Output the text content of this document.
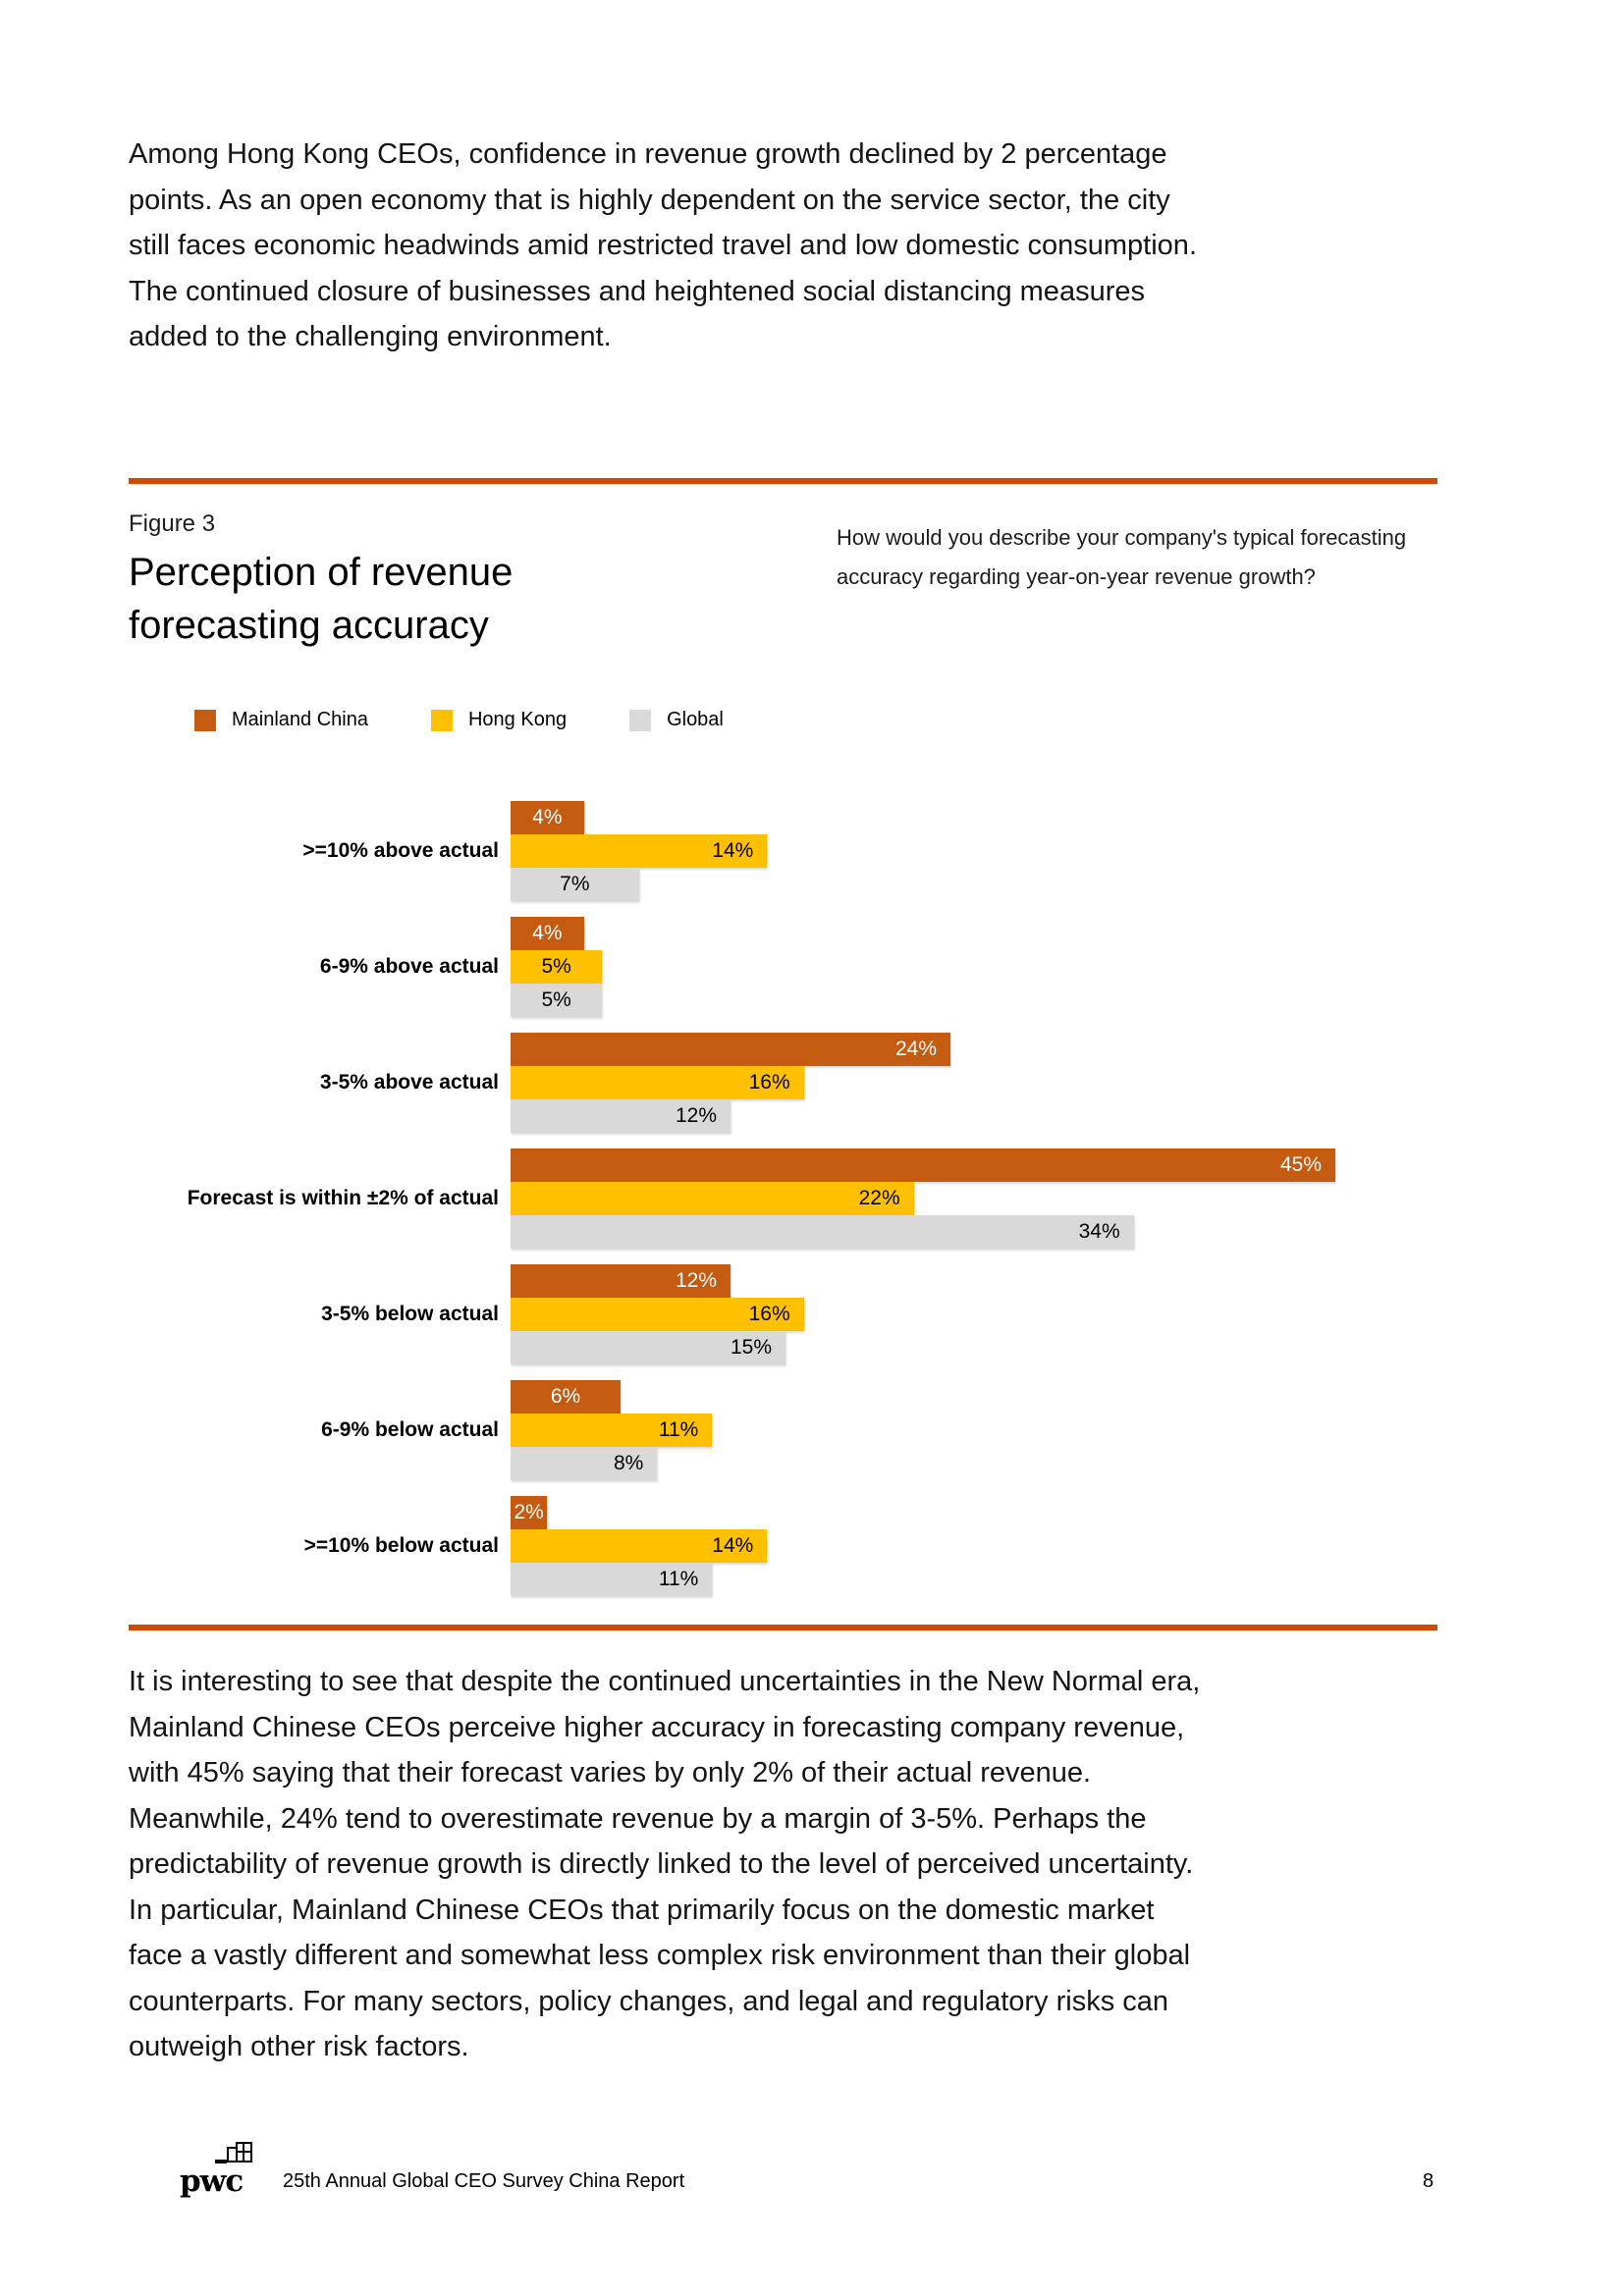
Among Hong Kong CEOs, confidence in revenue growth declined by 2 percentage
points. As an open economy that is highly dependent on the service sector, the city
still faces economic headwinds amid restricted travel and low domestic consumption.
The continued closure of businesses and heightened social distancing measures
added to the challenging environment.
Figure 3
Perception of revenue forecasting accuracy
How would you describe your company's typical forecasting
accuracy regarding year-on-year revenue growth?
Mainland China	Hong Kong	Global
>=10% above actual
4%
14%
7%
6-9% above actual
4%
5%
5%
3-5% above actual
24%
16%
12%
Forecast is within ±2% of actual
45%
22%
34%
3-5% below actual
12%
16%
15%
6-9% below actual
6%
11%
8%
>=10% below actual
2%
14%
11%
It is interesting to see that despite the continued uncertainties in the New Normal era,
Mainland Chinese CEOs perceive higher accuracy in forecasting company revenue,
with 45% saying that their forecast varies by only 2% of their actual revenue.
Meanwhile, 24% tend to overestimate revenue by a margin of 3-5%. Perhaps the
predictability of revenue growth is directly linked to the level of perceived uncertainty.
In particular, Mainland Chinese CEOs that primarily focus on the domestic market
face a vastly different and somewhat less complex risk environment than their global
counterparts. For many sectors, policy changes, and legal and regulatory risks can
outweigh other risk factors.
pwc 25th Annual Global CEO Survey China Report	8
